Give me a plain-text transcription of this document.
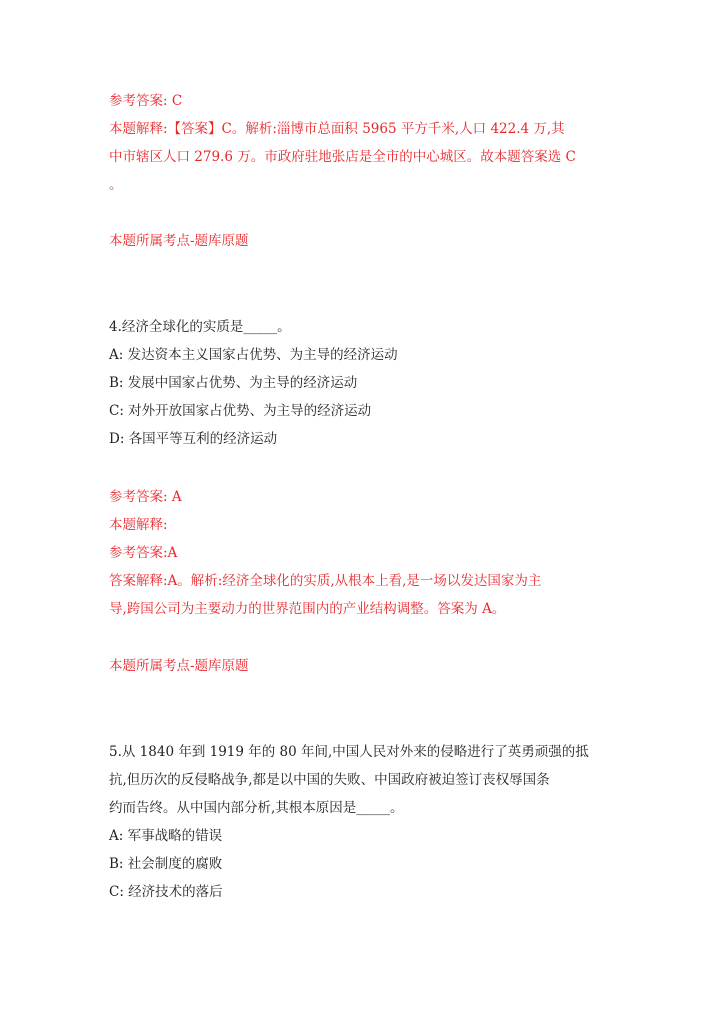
参考答案: C
本题解释:【答案】C。解析:淄博市总面积 5965 平方千米,人口 422.4 万,其
中市辖区人口 279.6 万。市政府驻地张店是全市的中心城区。故本题答案选 C
。
本题所属考点-题库原题
4.经济全球化的实质是_____。
A: 发达资本主义国家占优势、为主导的经济运动
B: 发展中国家占优势、为主导的经济运动
C: 对外开放国家占优势、为主导的经济运动
D: 各国平等互利的经济运动
参考答案: A
本题解释:
参考答案:A
答案解释:A。解析:经济全球化的实质,从根本上看,是一场以发达国家为主
导,跨国公司为主要动力的世界范围内的产业结构调整。答案为 A。
本题所属考点-题库原题
5.从 1840 年到 1919 年的 80 年间,中国人民对外来的侵略进行了英勇顽强的抵
抗,但历次的反侵略战争,都是以中国的失败、中国政府被迫签订丧权辱国条
约而告终。从中国内部分析,其根本原因是_____。
A: 军事战略的错误
B: 社会制度的腐败
C: 经济技术的落后
